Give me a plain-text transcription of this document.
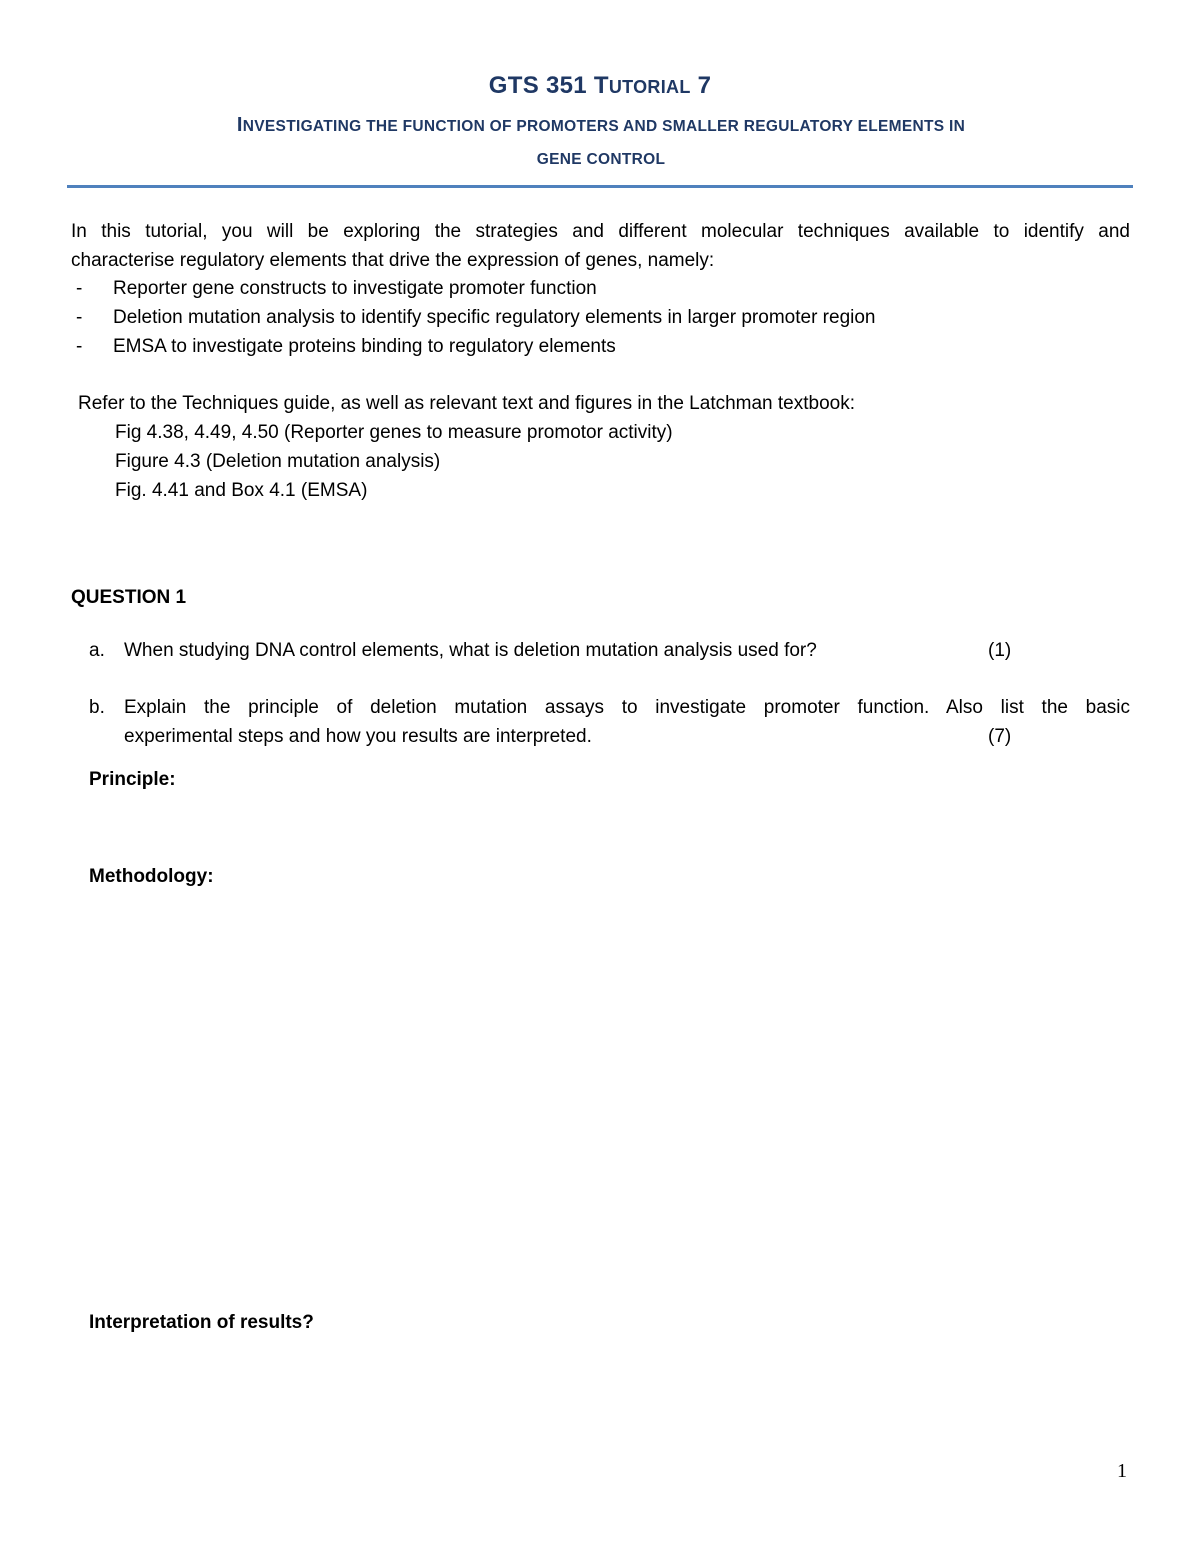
GTS 351 TUTORIAL 7
INVESTIGATING THE FUNCTION OF PROMOTERS AND SMALLER REGULATORY ELEMENTS IN
GENE CONTROL
In this tutorial, you will be exploring the strategies and different molecular techniques available to identify and
characterise regulatory elements that drive the expression of genes, namely:
- Reporter gene constructs to investigate promoter function
- Deletion mutation analysis to identify specific regulatory elements in larger promoter region
- EMSA to investigate proteins binding to regulatory elements
Refer to the Techniques guide, as well as relevant text and figures in the Latchman textbook:
Fig 4.38, 4.49, 4.50 (Reporter genes to measure promotor activity)
Figure 4.3 (Deletion mutation analysis)
Fig. 4.41 and Box 4.1 (EMSA)
QUESTION 1
a. When studying DNA control elements, what is deletion mutation analysis used for?	(1)
b. Explain the principle of deletion mutation assays to investigate promoter function. Also list the basic
experimental steps and how you results are interpreted.	(7)
Principle:
Methodology:
Interpretation of results?
1
